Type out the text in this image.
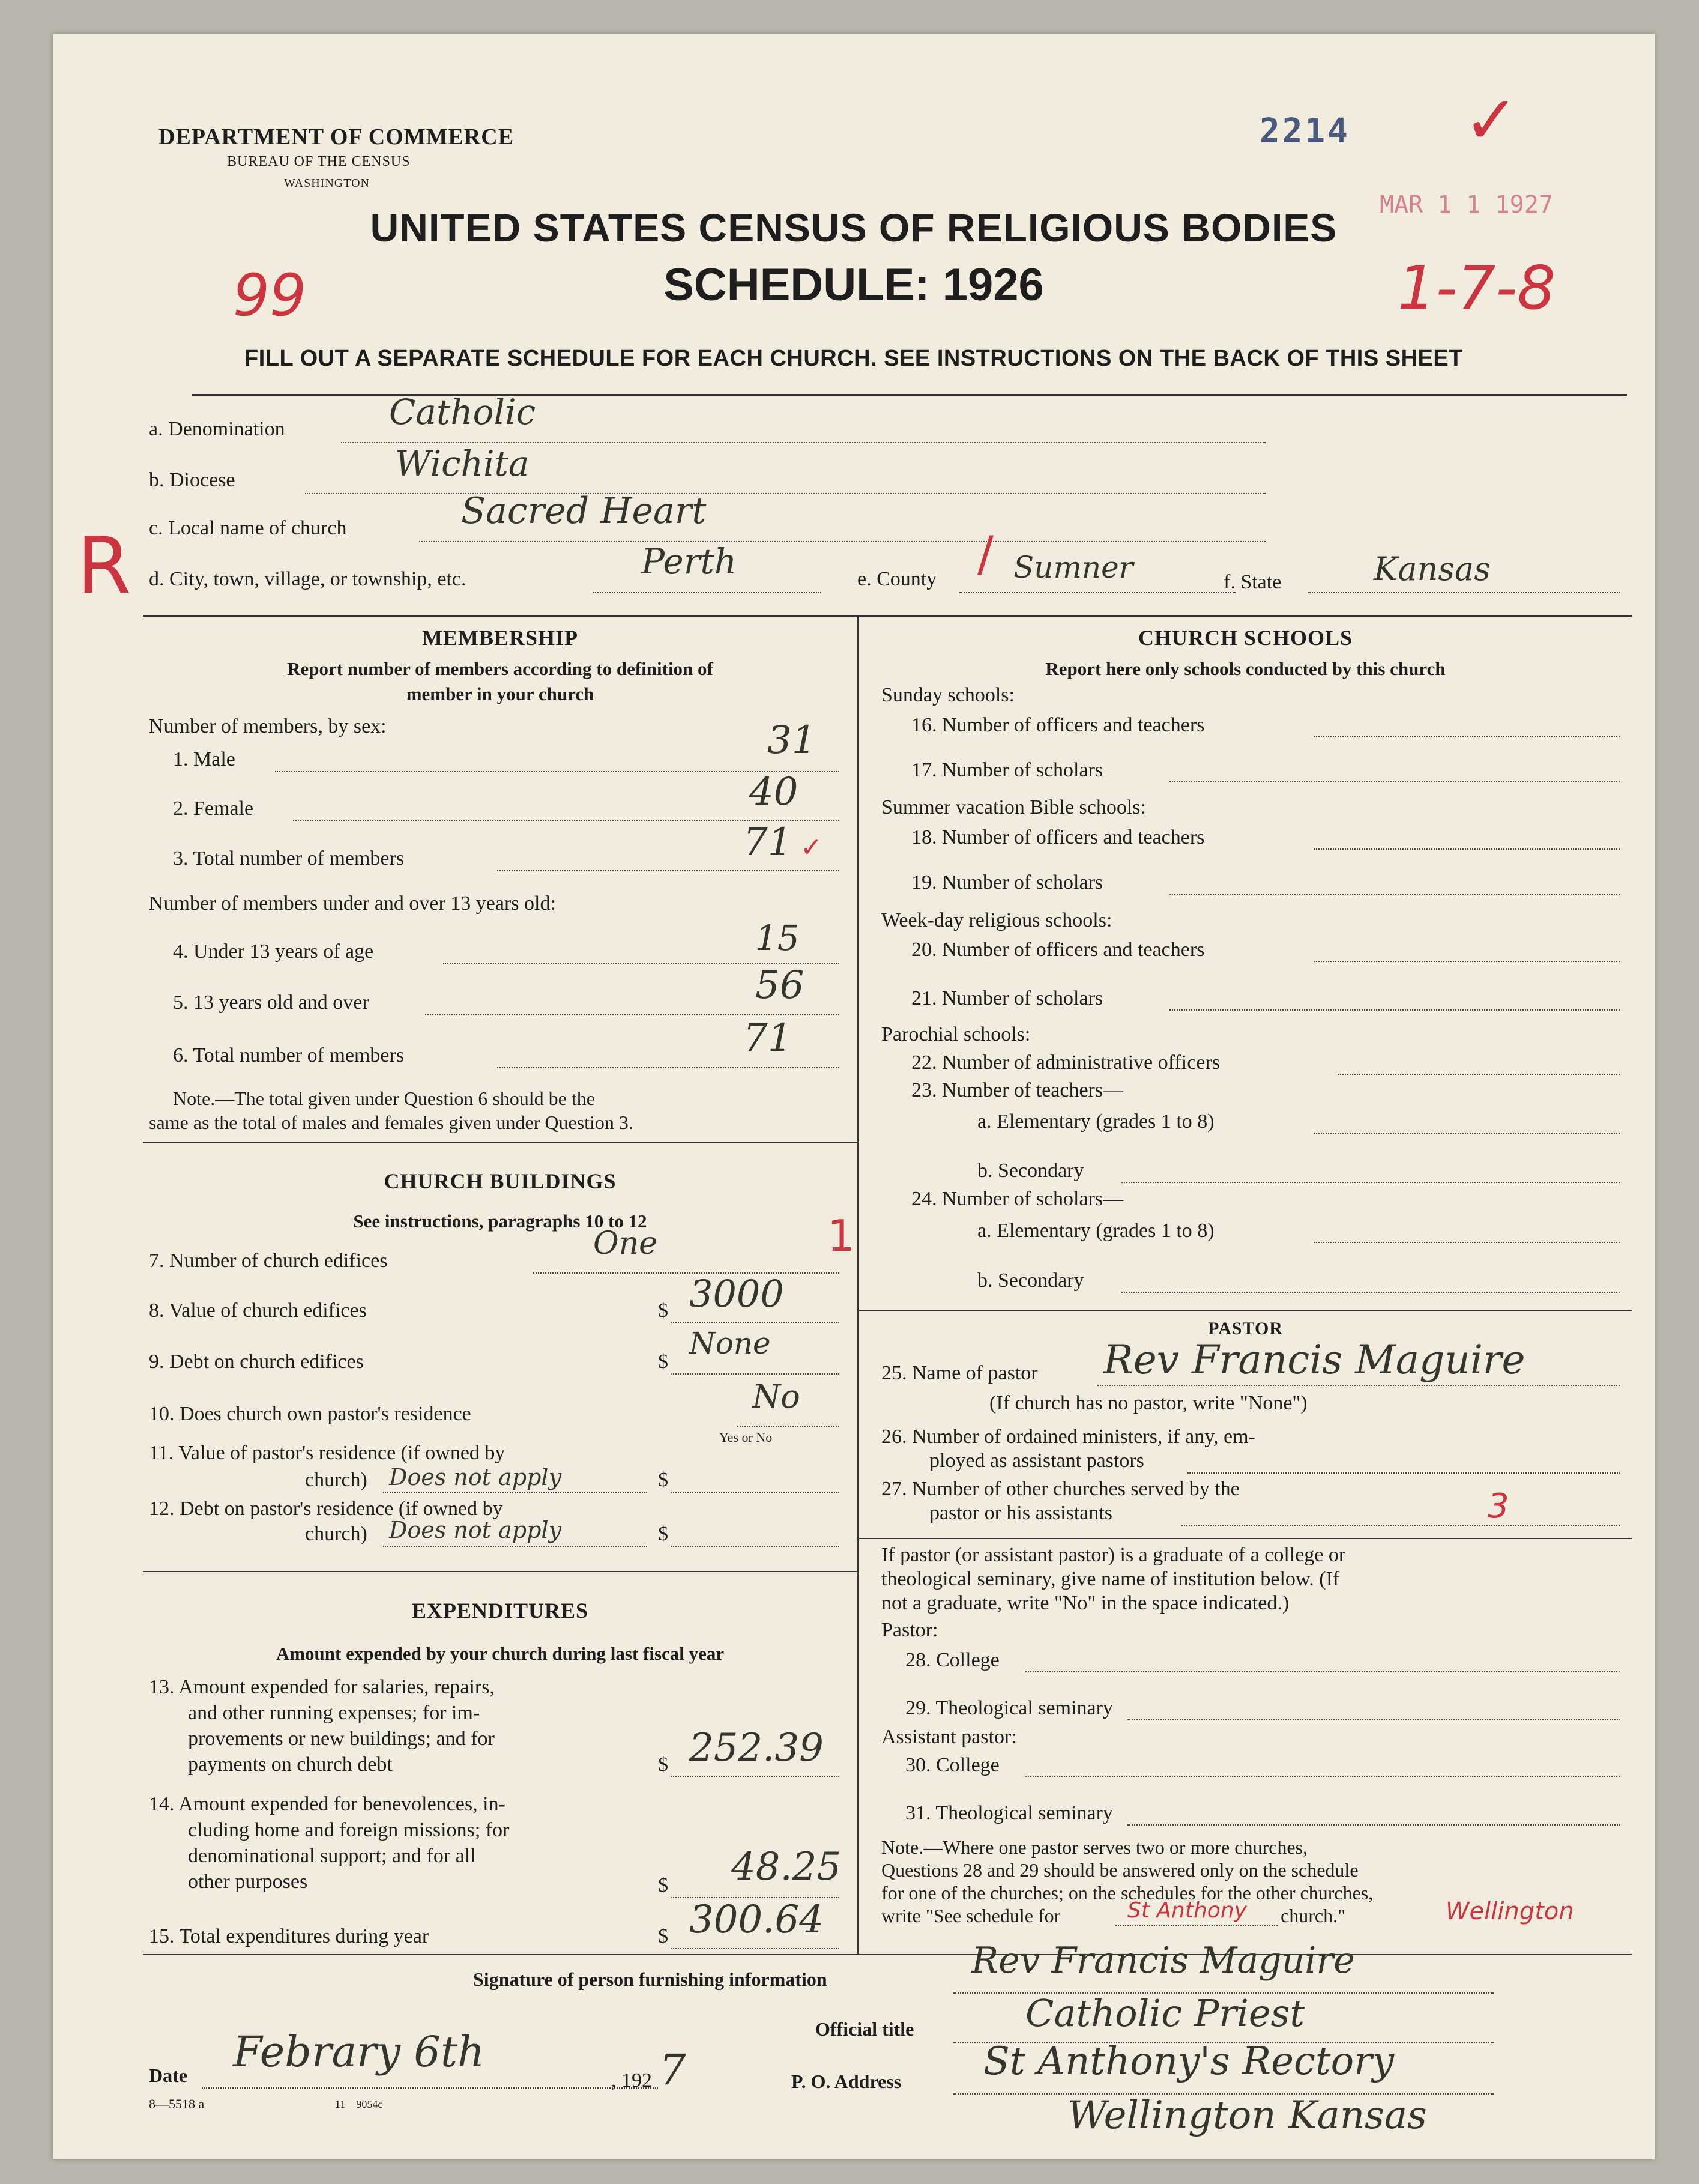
DEPARTMENT OF COMMERCE
BUREAU OF THE CENSUS
WASHINGTON
2214 ✓
MAR 1 1 1927
UNITED STATES CENSUS OF RELIGIOUS BODIES
SCHEDULE: 1926
99	1-7-8
FILL OUT A SEPARATE SCHEDULE FOR EACH CHURCH. SEE INSTRUCTIONS ON THE BACK OF THIS SHEET
a. Denomination	Catholic
b. Diocese	Wichita
R c. Local name of church	Sacred Heart
d. City, town, village, or township, etc.	Perth	/
e. County	Sumner	f. State	Kansas
MEMBERSHIP
Report number of members according to definition of
member in your church
Number of members, by sex:
1. Male	31
2. Female	40
3. Total number of members	71 ✓
Number of members under and over 13 years old:
4. Under 13 years of age	15
5. 13 years old and over	56
6. Total number of members	71
Note.—The total given under Question 6 should be the
same as the total of males and females given under Question 3.
CHURCH BUILDINGS
See instructions, paragraphs 10 to 12
7. Number of church edifices	One	1
8. Value of church edifices	$ 3000
9. Debt on church edifices	$
None
10. Does church own pastor's residence	No
Yes or No
11. Value of pastor's residence (if owned by
church) Does not apply	$
12. Debt on pastor's residence (if owned by
church) Does not apply	$
EXPENDITURES
Amount expended by your church during last fiscal year
13. Amount expended for salaries, repairs,
and other running expenses; for im-
provements or new buildings; and for
payments on church debt	$ 252.39
14. Amount expended for benevolences, in-
cluding home and foreign missions; for
denominational support; and for all
other purposes	$ 48.25
15. Total expenditures during year	$ 300.64
CHURCH SCHOOLS
Report here only schools conducted by this church
Sunday schools:
16. Number of officers and teachers
17. Number of scholars
Summer vacation Bible schools:
18. Number of officers and teachers
19. Number of scholars
Week-day religious schools:
20. Number of officers and teachers
21. Number of scholars
Parochial schools:
22. Number of administrative officers
23. Number of teachers—
a. Elementary (grades 1 to 8)
b. Secondary
24. Number of scholars—
a. Elementary (grades 1 to 8)
b. Secondary
PASTOR
25. Name of pastor Rev Francis Maguire
(If church has no pastor, write "None")
26. Number of ordained ministers, if any, em-
ployed as assistant pastors
27. Number of other churches served by the
pastor or his assistants	3
If pastor (or assistant pastor) is a graduate of a college or
theological seminary, give name of institution below. (If
not a graduate, write "No" in the space indicated.)
Pastor:
28. College
29. Theological seminary
Assistant pastor:
30. College
31. Theological seminary
Note.—Where one pastor serves two or more churches,
Questions 28 and 29 should be answered only on the schedule
for one of the churches; on the schedules for the other churches,
write "See schedule for	St Anthony church."	Wellington
Signature of person furnishing information	Rev Francis Maguire
Official title	Catholic Priest
Date Febrary 6th
, 192 7	P. O. Address St Anthony's Rectory
Wellington Kansas
8—5518 a	11—9054c
